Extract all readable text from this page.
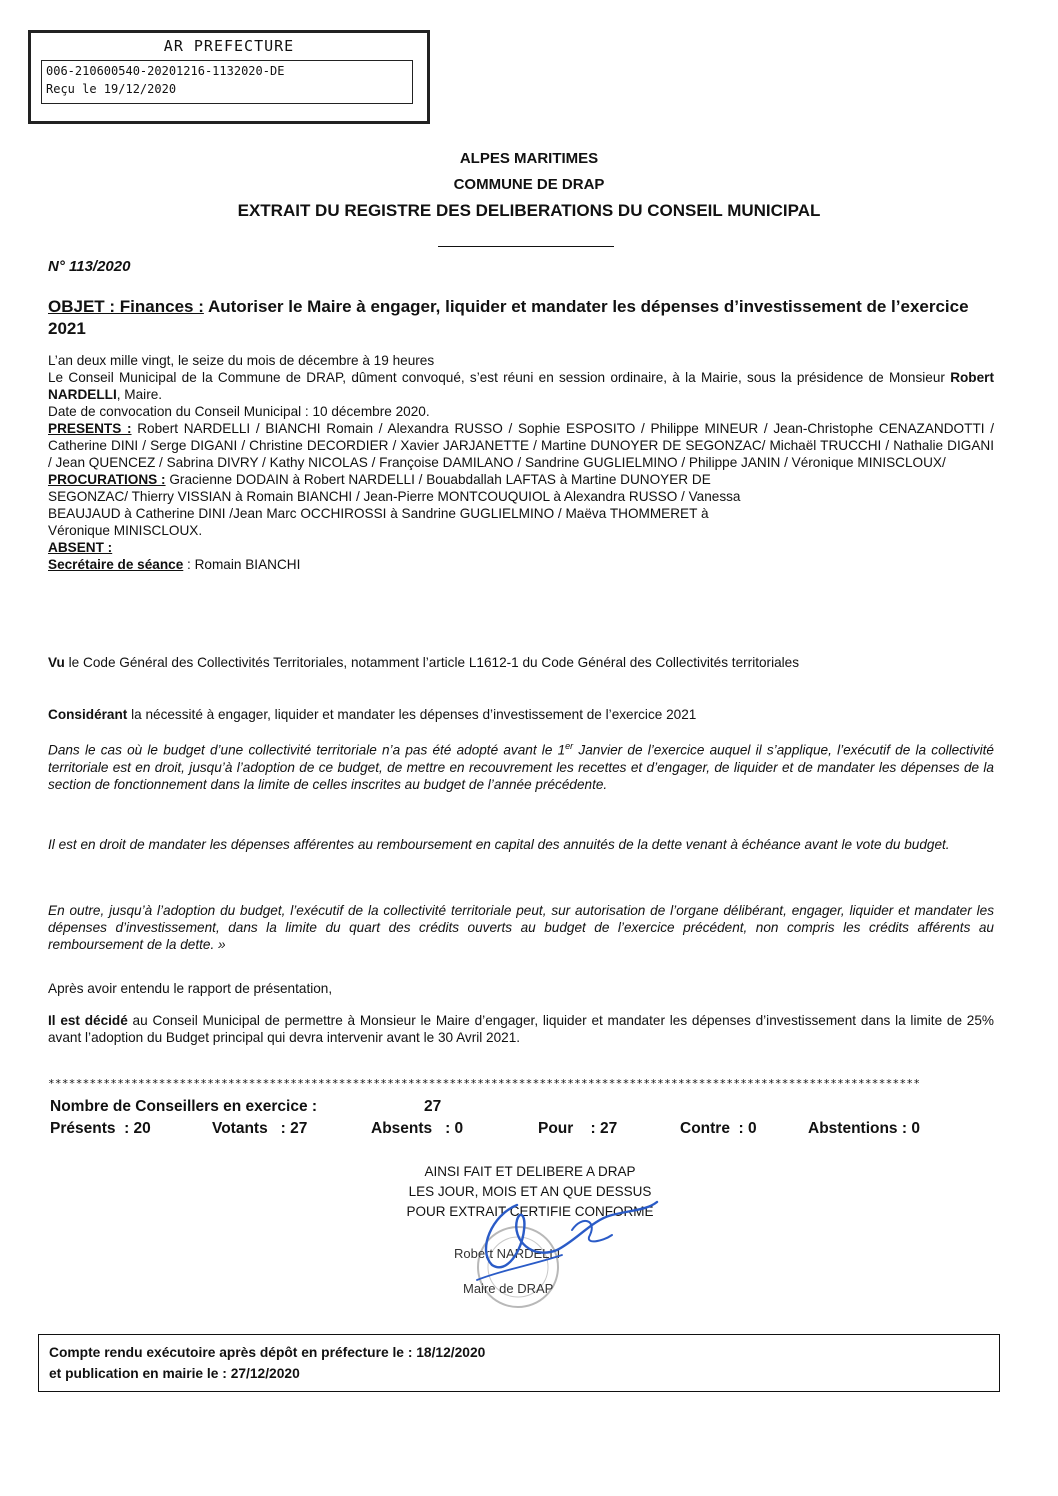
AR PREFECTURE
006-210600540-20201216-1132020-DE
Reçu le 19/12/2020
ALPES MARITIMES
COMMUNE DE DRAP
EXTRAIT DU REGISTRE DES DELIBERATIONS DU CONSEIL MUNICIPAL
N° 113/2020
OBJET : Finances : Autoriser le Maire à engager, liquider et mandater les dépenses d’investissement de l’exercice 2021
L’an deux mille vingt, le seize du mois de décembre à 19 heures
Le Conseil Municipal de la Commune de DRAP, dûment convoqué, s’est réuni en session ordinaire, à la Mairie, sous la présidence de Monsieur Robert NARDELLI, Maire.
Date de convocation du Conseil Municipal : 10 décembre 2020.
PRESENTS : Robert NARDELLI / BIANCHI Romain / Alexandra RUSSO / Sophie ESPOSITO / Philippe MINEUR / Jean-Christophe CENAZANDOTTI / Catherine DINI / Serge DIGANI / Christine DECORDIER / Xavier JARJANETTE / Martine DUNOYER DE SEGONZAC/ Michaël TRUCCHI / Nathalie DIGANI / Jean QUENCEZ / Sabrina DIVRY / Kathy NICOLAS / Françoise DAMILANO / Sandrine GUGLIELMINO / Philippe JANIN / Véronique MINISCLOUX/
PROCURATIONS : Gracienne DODAIN à Robert NARDELLI / Bouabdallah LAFTAS à Martine DUNOYER DE
SEGONZAC/ Thierry VISSIAN à Romain BIANCHI / Jean-Pierre MONTCOUQUIOL à Alexandra RUSSO / Vanessa
BEAUJAUD à Catherine DINI /Jean Marc OCCHIROSSI à Sandrine GUGLIELMINO / Maëva THOMMERET à
Véronique MINISCLOUX.
ABSENT :
Secrétaire de séance : Romain BIANCHI
Vu le Code Général des Collectivités Territoriales, notamment l’article L1612-1 du Code Général des Collectivités territoriales
Considérant la nécessité à engager, liquider et mandater les dépenses d’investissement de l’exercice 2021
Dans le cas où le budget d’une collectivité territoriale n’a pas été adopté avant le 1er Janvier de l’exercice auquel il s’applique, l’exécutif de la collectivité territoriale est en droit, jusqu’à l’adoption de ce budget, de mettre en recouvrement les recettes et d’engager, de liquider et de mandater les dépenses de la section de fonctionnement dans la limite de celles inscrites au budget de l’année précédente.
Il est en droit de mandater les dépenses afférentes au remboursement en capital des annuités de la dette venant à échéance avant le vote du budget.
En outre, jusqu’à l’adoption du budget, l’exécutif de la collectivité territoriale peut, sur autorisation de l’organe délibérant, engager, liquider et mandater les dépenses d’investissement, dans la limite du quart des crédits ouverts au budget de l’exercice précédent, non compris les crédits afférents au remboursement de la dette. »
Après avoir entendu le rapport de présentation,
Il est décidé au Conseil Municipal de permettre à Monsieur le Maire d’engager, liquider et mandater les dépenses d’investissement dans la limite de 25% avant l’adoption du Budget principal qui devra intervenir avant le 30 Avril 2021.
******************************************************************************************************************************
Nombre de Conseillers en exercice :	27
Présents  : 20	Votants   : 27	Absents   : 0	Pour    : 27	Contre  : 0	Abstentions : 0
AINSI FAIT ET DELIBERE A DRAP
LES JOUR, MOIS ET AN QUE DESSUS
POUR EXTRAIT CERTIFIE CONFORME
Robert NARDELLI
Maire de DRAP
Compte rendu exécutoire après dépôt en préfecture le : 18/12/2020
et publication en mairie le : 27/12/2020
